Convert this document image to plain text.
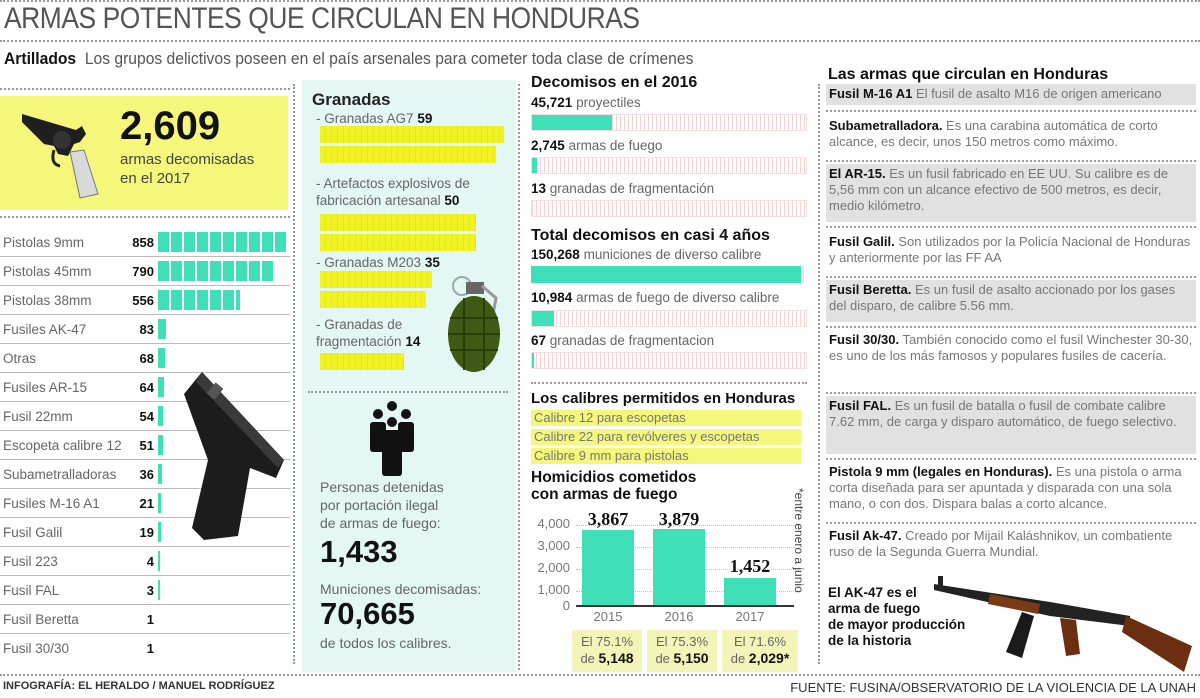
ARMAS POTENTES QUE CIRCULAN EN HONDURAS
Artillados Los grupos delictivos poseen en el país arsenales para cometer toda clase de crímenes
2,609
armas decomisadas
en el 2017
Pistolas 9mm	858
Pistolas 45mm	790
Pistolas 38mm	556
Fusiles AK-47	83
Otras	68
Fusiles AR-15	64
Fusil 22mm	54
Escopeta calibre 12	51
Subametralladoras	36
Fusiles M-16 A1	21
Fusil Galil	19
Fusil 223	4
Fusil FAL	3
Fusil Beretta	1
Fusil 30/30	1
Granadas
- Granadas AG7 59
- Artefactos explosivos de
fabricación artesanal 50
- Granadas M203 35
- Granadas de
fragmentación 14
Personas detenidas
por portación ilegal
de armas de fuego:
1,433
Municiones decomisadas:
70,665
de todos los calibres.
Decomisos en el 2016
45,721 proyectiles
2,745 armas de fuego
13 granadas de fragmentación
Total decomisos en casi 4 años
150,268 municiones de diverso calibre
10,984 armas de fuego de diverso calibre
67 granadas de fragmentacion
Los calibres permitidos en Honduras
Calibre 12 para escopetas
Calibre 22 para revólveres y escopetas
Calibre 9 mm para pistolas
Homicidios cometidos
con armas de fuego
4,000
3,000
2,000
1,000
0
3,867	3,879
1,452
2015	2016	2017
El 75.1%
de 5,148
El 75.3%
de 5,150
El 71.6%
de 2,029*
*entre enero a junio
Las armas que circulan en Honduras
Fusil M-16 A1 El fusil de asalto M16 de origen americano
Subametralladora. Es una carabina automática de corto alcance, es decir, unos 150 metros como máximo.
El AR-15. Es un fusil fabricado en EE UU. Su calibre es de 5,56 mm con un alcance efectivo de 500 metros, es decir, medio kilómetro.
Fusil Galil. Son utilizados por la Policía Nacional de Honduras y anteriormente por las FF AA
Fusil Beretta. Es un fusil de asalto accionado por los gases del disparo, de calibre 5.56 mm.
Fusil 30/30. También conocido como el fusil Winchester 30-30, es uno de los más famosos y populares fusiles de cacería.
Fusil FAL. Es un fusil de batalla o fusil de combate calibre 7.62 mm, de carga y disparo automático, de fuego selectivo.
Pistola 9 mm (legales en Honduras). Es una pistola o arma corta diseñada para ser apuntada y disparada con una sola mano, o con dos. Dispara balas a corto alcance.
Fusil Ak-47. Creado por Mijail Kaláshnikov, un combatiente ruso de la Segunda Guerra Mundial.
El AK-47 es el
arma de fuego
de mayor producción
de la historia
INFOGRAFÍA: EL HERALDO / MANUEL RODRÍGUEZ	FUENTE: FUSINA/OBSERVATORIO DE LA VIOLENCIA DE LA UNAH
